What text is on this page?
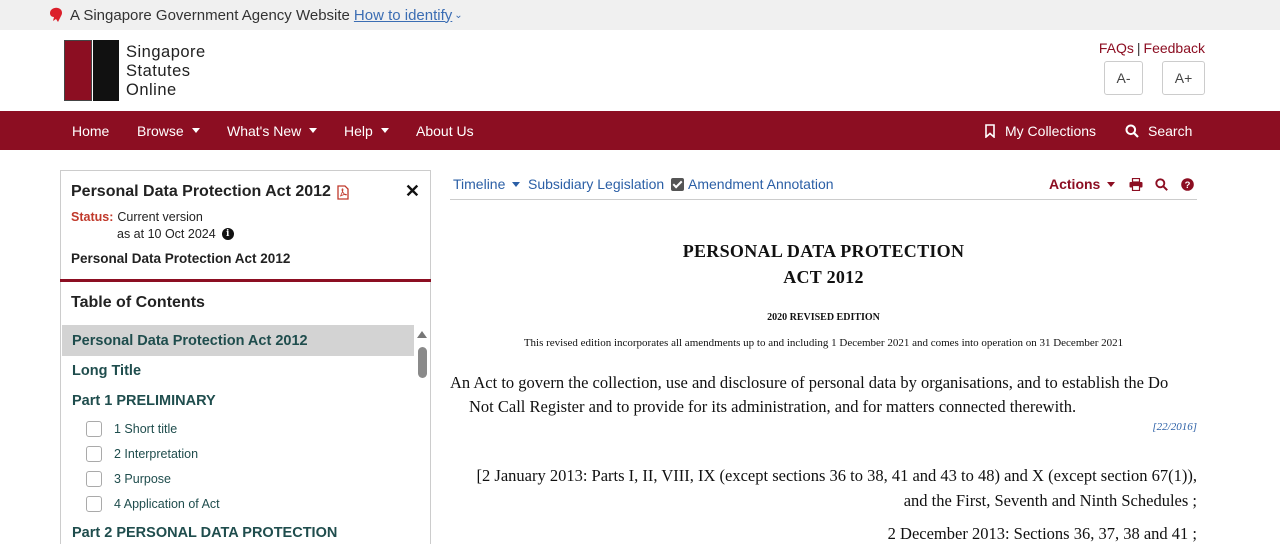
A Singapore Government Agency Website How to identify ⌄
Singapore
Statutes
Online
FAQs | Feedback
A-	A+
Home Browse	What's New	Help	About Us	My Collections	Search
Personal Data Protection Act 2012	✕
Status: Current version
as at 10 Oct 2024	i
Personal Data Protection Act 2012
Table of Contents
Personal Data Protection Act 2012
Long Title
Part 1 PRELIMINARY
1 Short title
2 Interpretation
3 Purpose
4 Application of Act
Part 2 PERSONAL DATA PROTECTION
Timeline Subsidiary Legislation Amendment Annotation	Actions	?
PERSONAL DATA PROTECTION
ACT 2012
2020 REVISED EDITION
This revised edition incorporates all amendments up to and including 1 December 2021 and comes into operation on 31 December 2021
An Act to govern the collection, use and disclosure of personal data by organisations, and to establish the Do
Not Call Register and to provide for its administration, and for matters connected therewith.
[22/2016]
[2 January 2013: Parts I, II, VIII, IX (except sections 36 to 38, 41 and 43 to 48) and X (except section 67(1)),
and the First, Seventh and Ninth Schedules ;
2 December 2013: Sections 36, 37, 38 and 41 ;
